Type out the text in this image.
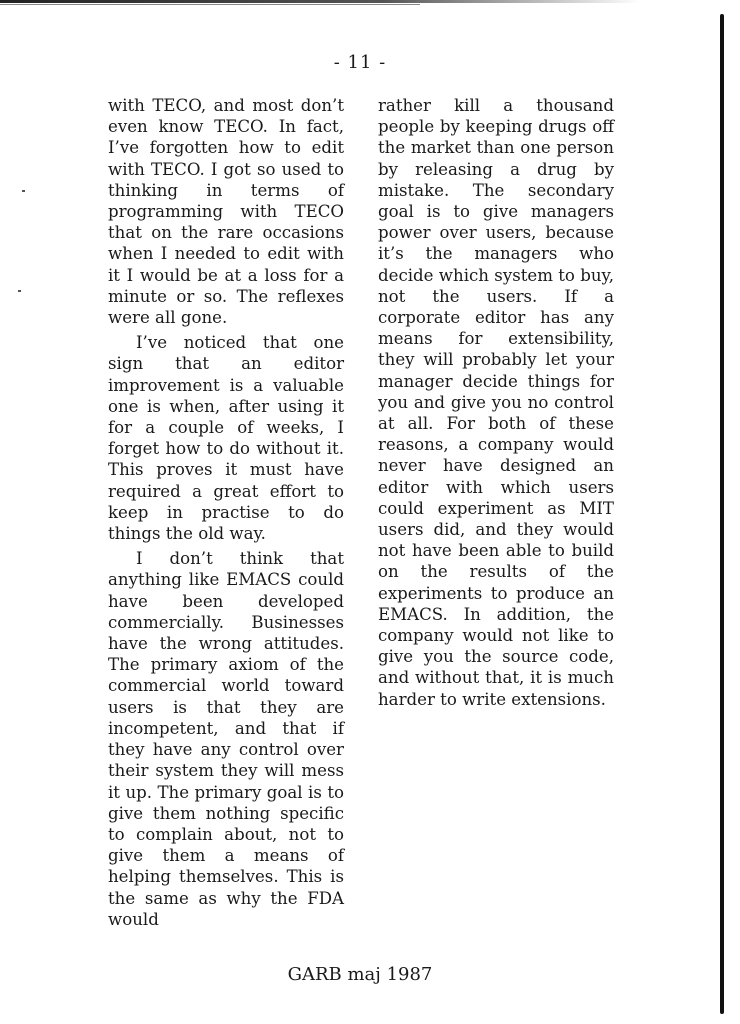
- 11 -

with TECO, and most don’t even know TECO. In fact, I’ve forgotten how to edit with TECO. I got so used to thinking in terms of programming with TECO that on the rare occasions when I needed to edit with it I would be at a loss for a minute or so. The reflexes were all gone.

I’ve noticed that one sign that an editor improvement is a valuable one is when, after using it for a couple of weeks, I forget how to do without it. This proves it must have required a great effort to keep in practise to do things the old way.

I don’t think that anything like EMACS could have been developed commercially. Businesses have the wrong attitudes. The primary axiom of the commercial world toward users is that they are incompetent, and that if they have any control over their system they will mess it up. The primary goal is to give them nothing specific to complain about, not to give them a means of helping themselves. This is the same as why the FDA would

rather kill a thousand people by keeping drugs off the market than one person by releasing a drug by mistake. The secondary goal is to give managers power over users, because it’s the managers who decide which system to buy, not the users. If a corporate editor has any means for extensibility, they will probably let your manager decide things for you and give you no control at all. For both of these reasons, a company would never have designed an editor with which users could experiment as MIT users did, and they would not have been able to build on the results of the experiments to produce an EMACS. In addition, the company would not like to give you the source code, and without that, it is much harder to write extensions.

GARB maj 1987
